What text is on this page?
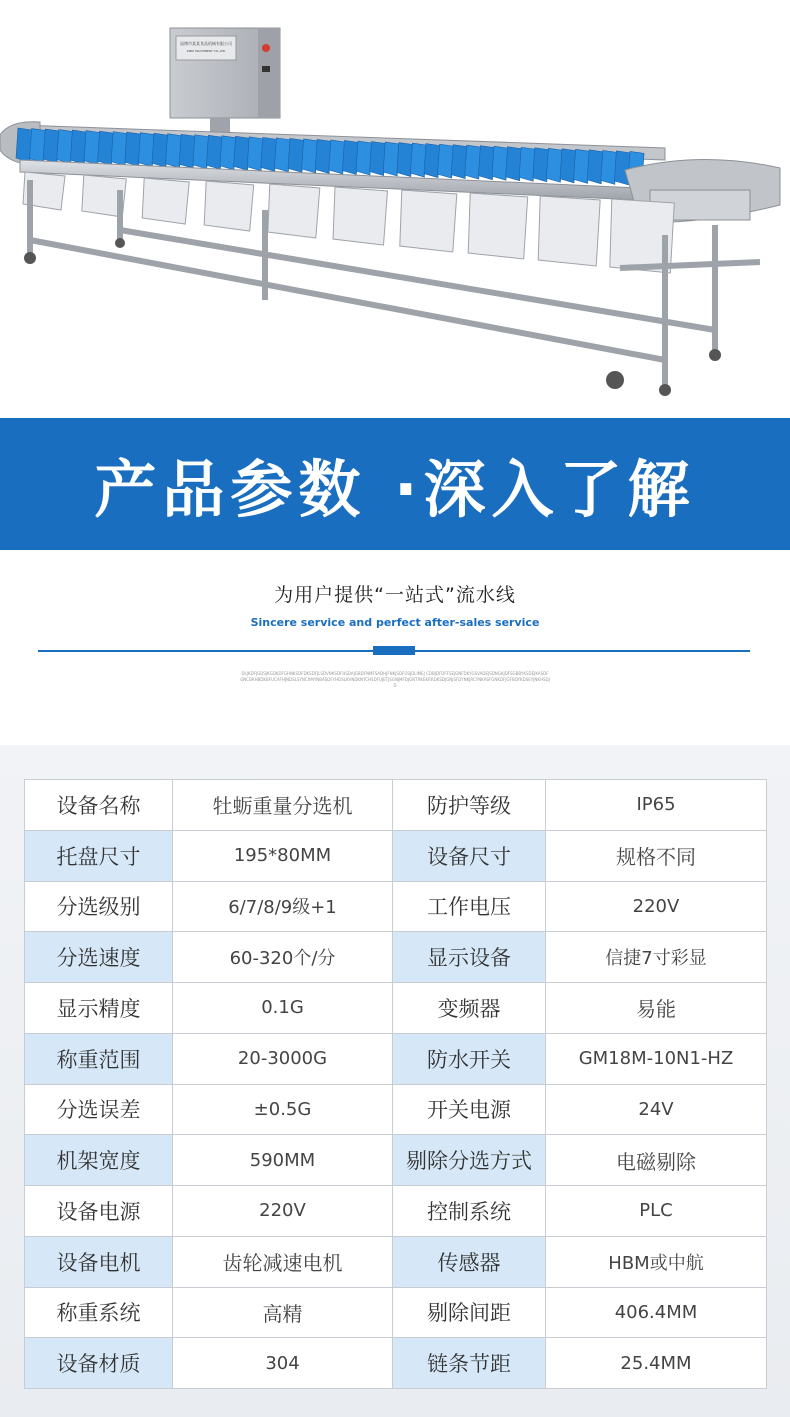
淄博市某某食品机械有限公司
ZIBO MACHINERY CO.,LTD
产品参数 ·深入了解
为用户提供“一站式”流水线
Sincere service and perfect after-sales service
DLJKDFJGDSJKGDKDFGHNKSDFDKSDFJLSDVNKSDFHSDAJGBDFNMFSADHJFNKJSDFOSJDLIMEJ CDBJDFDFFSEJGNFDKYGSVADEJSDNGKJDFSGBBYKSDEJKASDFGNCBRHBDKBFUCAFHJNDSLSYNCXMYNBASDFYHDSLKVNDKNYCHSDFUJETJSGNJMFDJGNTRKEKRRDKSDJGNJSFDYNKJRCYNKASFGNKDFJGFBDYKDSEYJNKHSDJD
设备名称	牡蛎重量分选机	防护等级	IP65
托盘尺寸	195*80MM	设备尺寸	规格不同
分选级别	6/7/8/9级+1	工作电压	220V
分选速度	60-320个/分	显示设备	信捷7寸彩显
显示精度	0.1G	变频器	易能
称重范围	20-3000G	防水开关	GM18M-10N1-HZ
分选误差	±0.5G	开关电源	24V
机架宽度	590MM	剔除分选方式	电磁剔除
设备电源	220V	控制系统	PLC
设备电机	齿轮减速电机	传感器	HBM或中航
称重系统	高精	剔除间距	406.4MM
设备材质	304	链条节距	25.4MM
